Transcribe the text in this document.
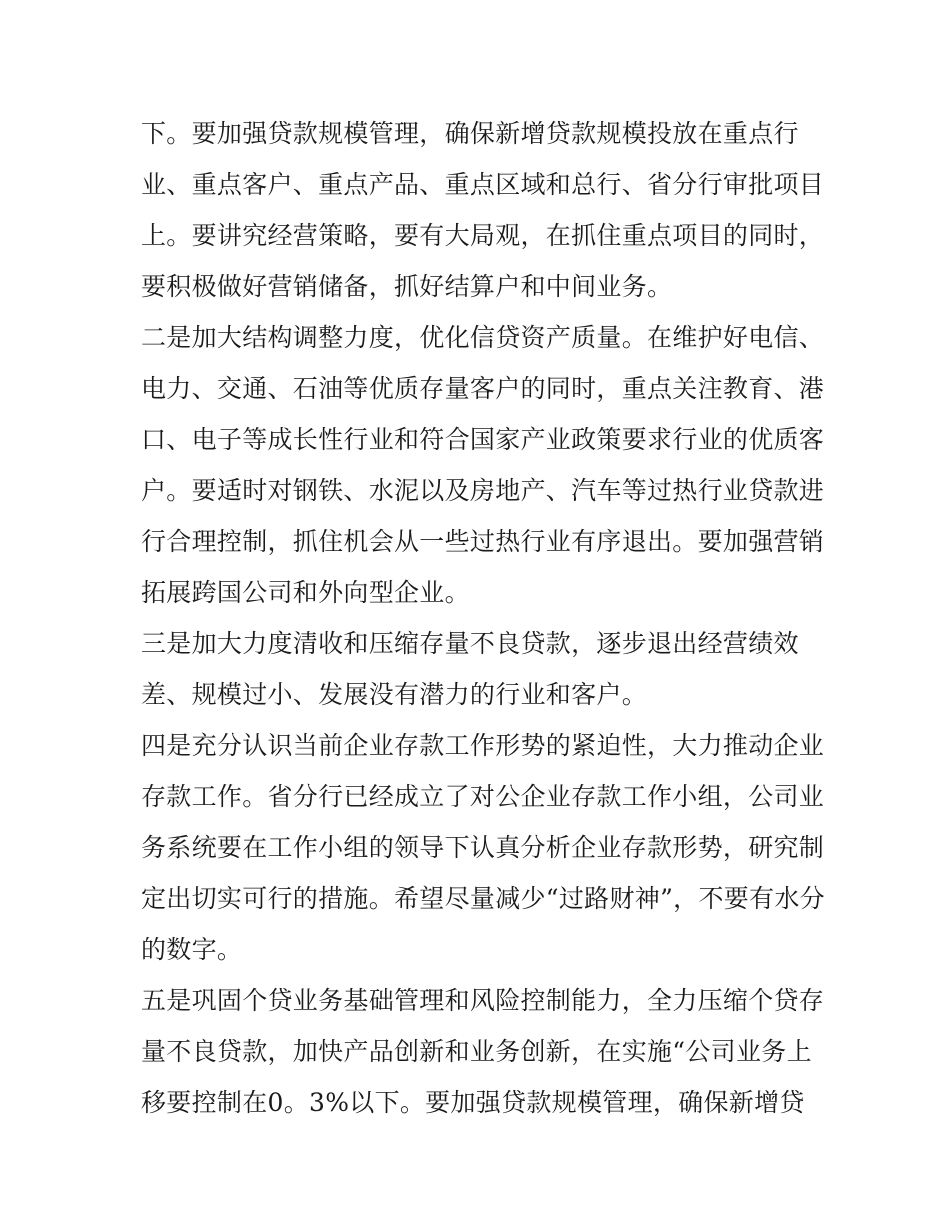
下。要加强贷款规模管理，确保新增贷款规模投放在重点行
业、重点客户、重点产品、重点区域和总行、省分行审批项目
上。要讲究经营策略，要有大局观，在抓住重点项目的同时，
要积极做好营销储备，抓好结算户和中间业务。
二是加大结构调整力度，优化信贷资产质量。在维护好电信、
电力、交通、石油等优质存量客户的同时，重点关注教育、港
口、电子等成长性行业和符合国家产业政策要求行业的优质客
户。要适时对钢铁、水泥以及房地产、汽车等过热行业贷款进
行合理控制，抓住机会从一些过热行业有序退出。要加强营销
拓展跨国公司和外向型企业。
三是加大力度清收和压缩存量不良贷款，逐步退出经营绩效
差、规模过小、发展没有潜力的行业和客户。
四是充分认识当前企业存款工作形势的紧迫性，大力推动企业
存款工作。省分行已经成立了对公企业存款工作小组，公司业
务系统要在工作小组的领导下认真分析企业存款形势，研究制
定出切实可行的措施。希望尽量减少“过路财神”，不要有水分
的数字。
五是巩固个贷业务基础管理和风险控制能力，全力压缩个贷存
量不良贷款，加快产品创新和业务创新，在实施“公司业务上
移要控制在0。3%以下。要加强贷款规模管理，确保新增贷
